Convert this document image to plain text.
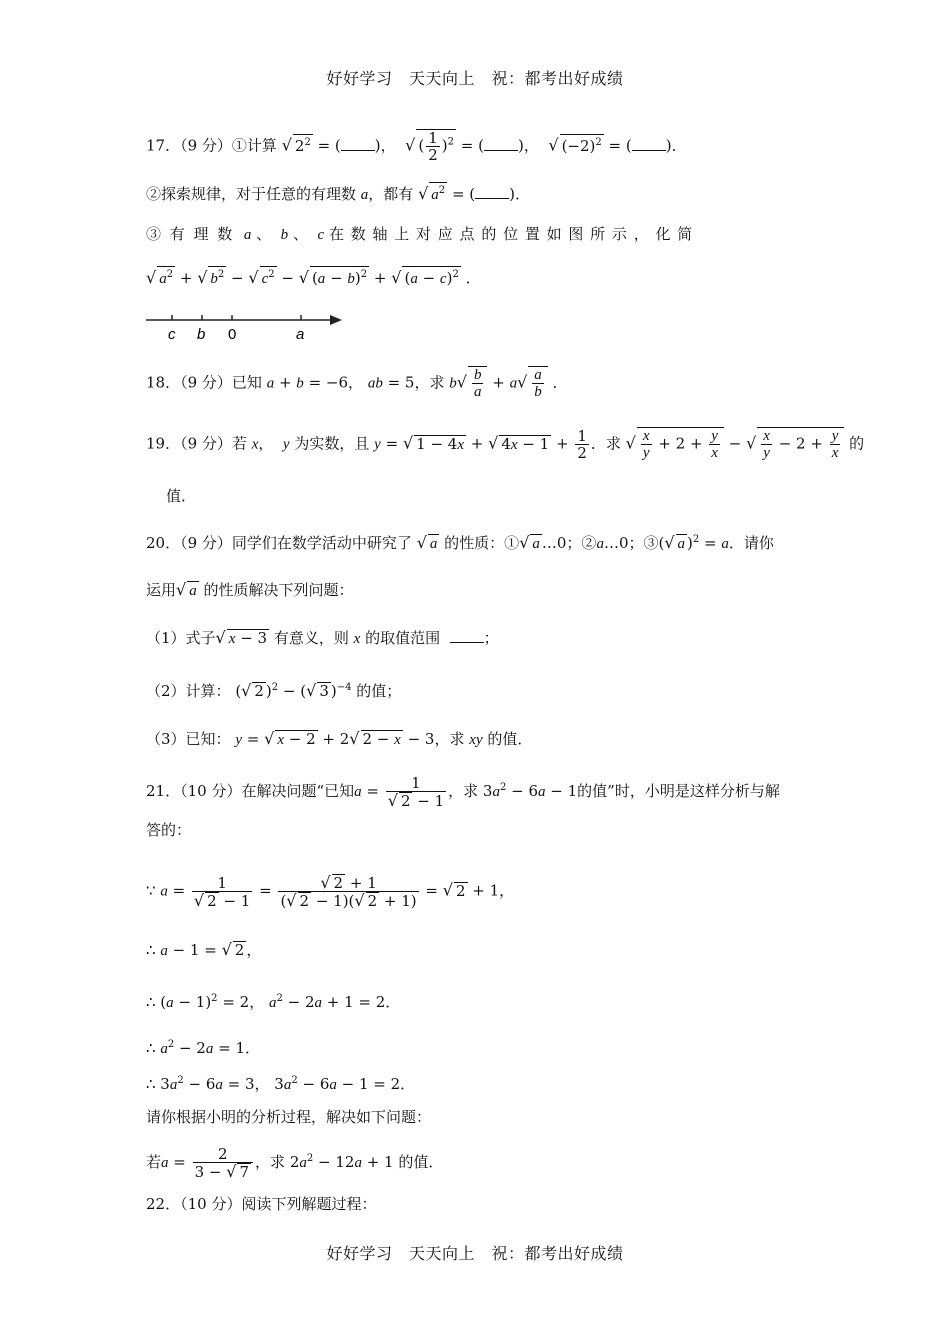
好好学习　天天向上　祝：都考出好成绩
17．（9 分）①计算 √ $2^2$ = ( )，  √ ( $\frac{1}{2} )^2$ = ( )，  √ $(-2)^2$ = ( )．
②探索规律，对于任意的有理数 a，都有 √ $a^2$ = ( )．
③ 有 理 数 a 、  b 、  c 在 数 轴 上 对 应 点 的 位 置 如 图 所 示 ， 化 简
√ $a^2$ + √ $b^2$ − √ $c^2$ − √ $(a - b)^2$ + √ $(a - c)^2$ ．
c b 0	a
18．（9 分）已知 a + b = −6， ab = 5，求 $b√ \frac{b}{a} + a√ \frac{a}{b}$ ．
19．（9 分）若 x，  y 为实数，且 y = √ 1 − 4x + √ $4x - 1 + \frac{1}{2}$ ．求 √ $\frac{x}{y} + 2 + \frac{y}{x}$ − √ $\frac{x}{y} - 2 + \frac{y}{x}$ 的
值．
20．（9 分）同学们在数学活动中研究了 √ a 的性质：①√ a …0；②a…0；③(√ a )$^2$ = a．请你
运用√ a 的性质解决下列问题：
（1）式子√ x − 3 有意义，则 x 的取值范围	；
（2）计算： (√ 2 )$^2$ − (√ 3 )$^{-4}$ 的值；
（3）已知： y = √ x − 2 + 2√ 2 − x − 3，求 xy 的值．
21．（10 分）在解决问题“已知$a = \frac{1}{√ 2 - 1}$ ，求 $3a^2 - 6a - 1$的值”时，小明是这样分析与解
答的：
∵ $a = \frac{1}{√ 2 - 1} = \frac{√ 2 + 1}{(√ 2 - 1)(√ 2 + 1)}$ = √ 2 + 1，
∴ a − 1 = √ 2 ，
∴ $(a - 1)^2 = 2$， $a^2 - 2a + 1 = 2$．
∴ $a^2 - 2a = 1$．
∴ $3a^2 - 6a = 3$， $3a^2 - 6a - 1 = 2$．
请你根据小明的分析过程，解决如下问题：
若$a = \frac{2}{3 - √ 7}$ ，求 $2a^2 - 12a + 1$ 的值．
22．（10 分）阅读下列解题过程：
好好学习　天天向上　祝：都考出好成绩
